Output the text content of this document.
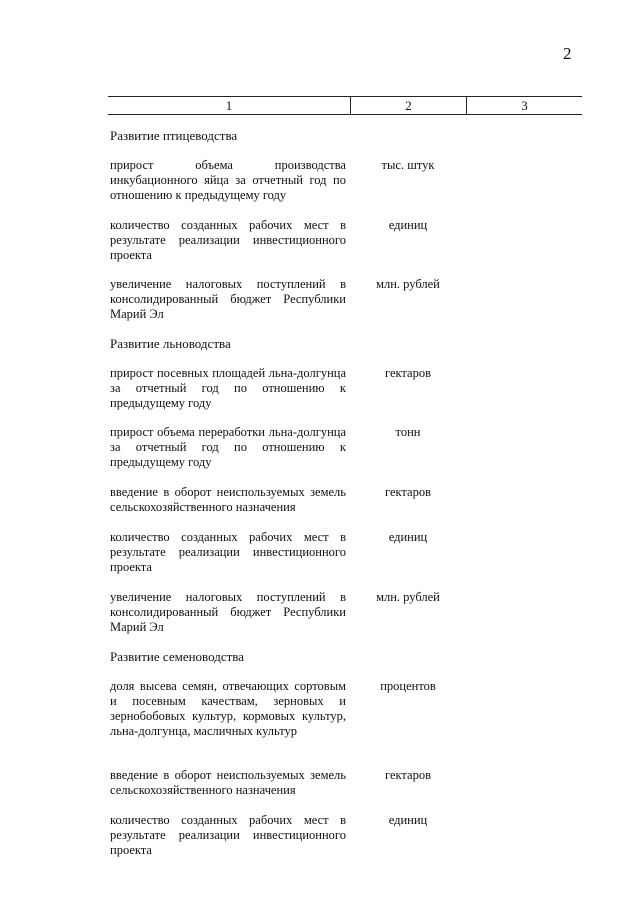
2
1	2	3
Развитие птицеводства
прирост объема производства инкубационного яйца за отчетный год по отношению к предыдущему году
тыс. штук
количество созданных рабочих мест в результате реализации инвестиционного проекта
единиц
увеличение налоговых поступлений в консолидированный бюджет Республики Марий Эл
млн. рублей
Развитие льноводства
прирост посевных площадей льна-долгунца за отчетный год по отношению к предыдущему году
гектаров
прирост объема переработки льна-долгунца за отчетный год по отношению к предыдущему году
тонн
введение в оборот неиспользуемых земель сельскохозяйственного назначения
гектаров
количество созданных рабочих мест в результате реализации инвестиционного проекта
единиц
увеличение налоговых поступлений в консолидированный бюджет Республики Марий Эл
млн. рублей
Развитие семеноводства
доля высева семян, отвечающих сортовым и посевным качествам, зерновых и зернобобовых культур, кормовых культур, льна-долгунца, масличных культур
процентов
введение в оборот неиспользуемых земель сельскохозяйственного назначения
гектаров
количество созданных рабочих мест в результате реализации инвестиционного проекта
единиц
